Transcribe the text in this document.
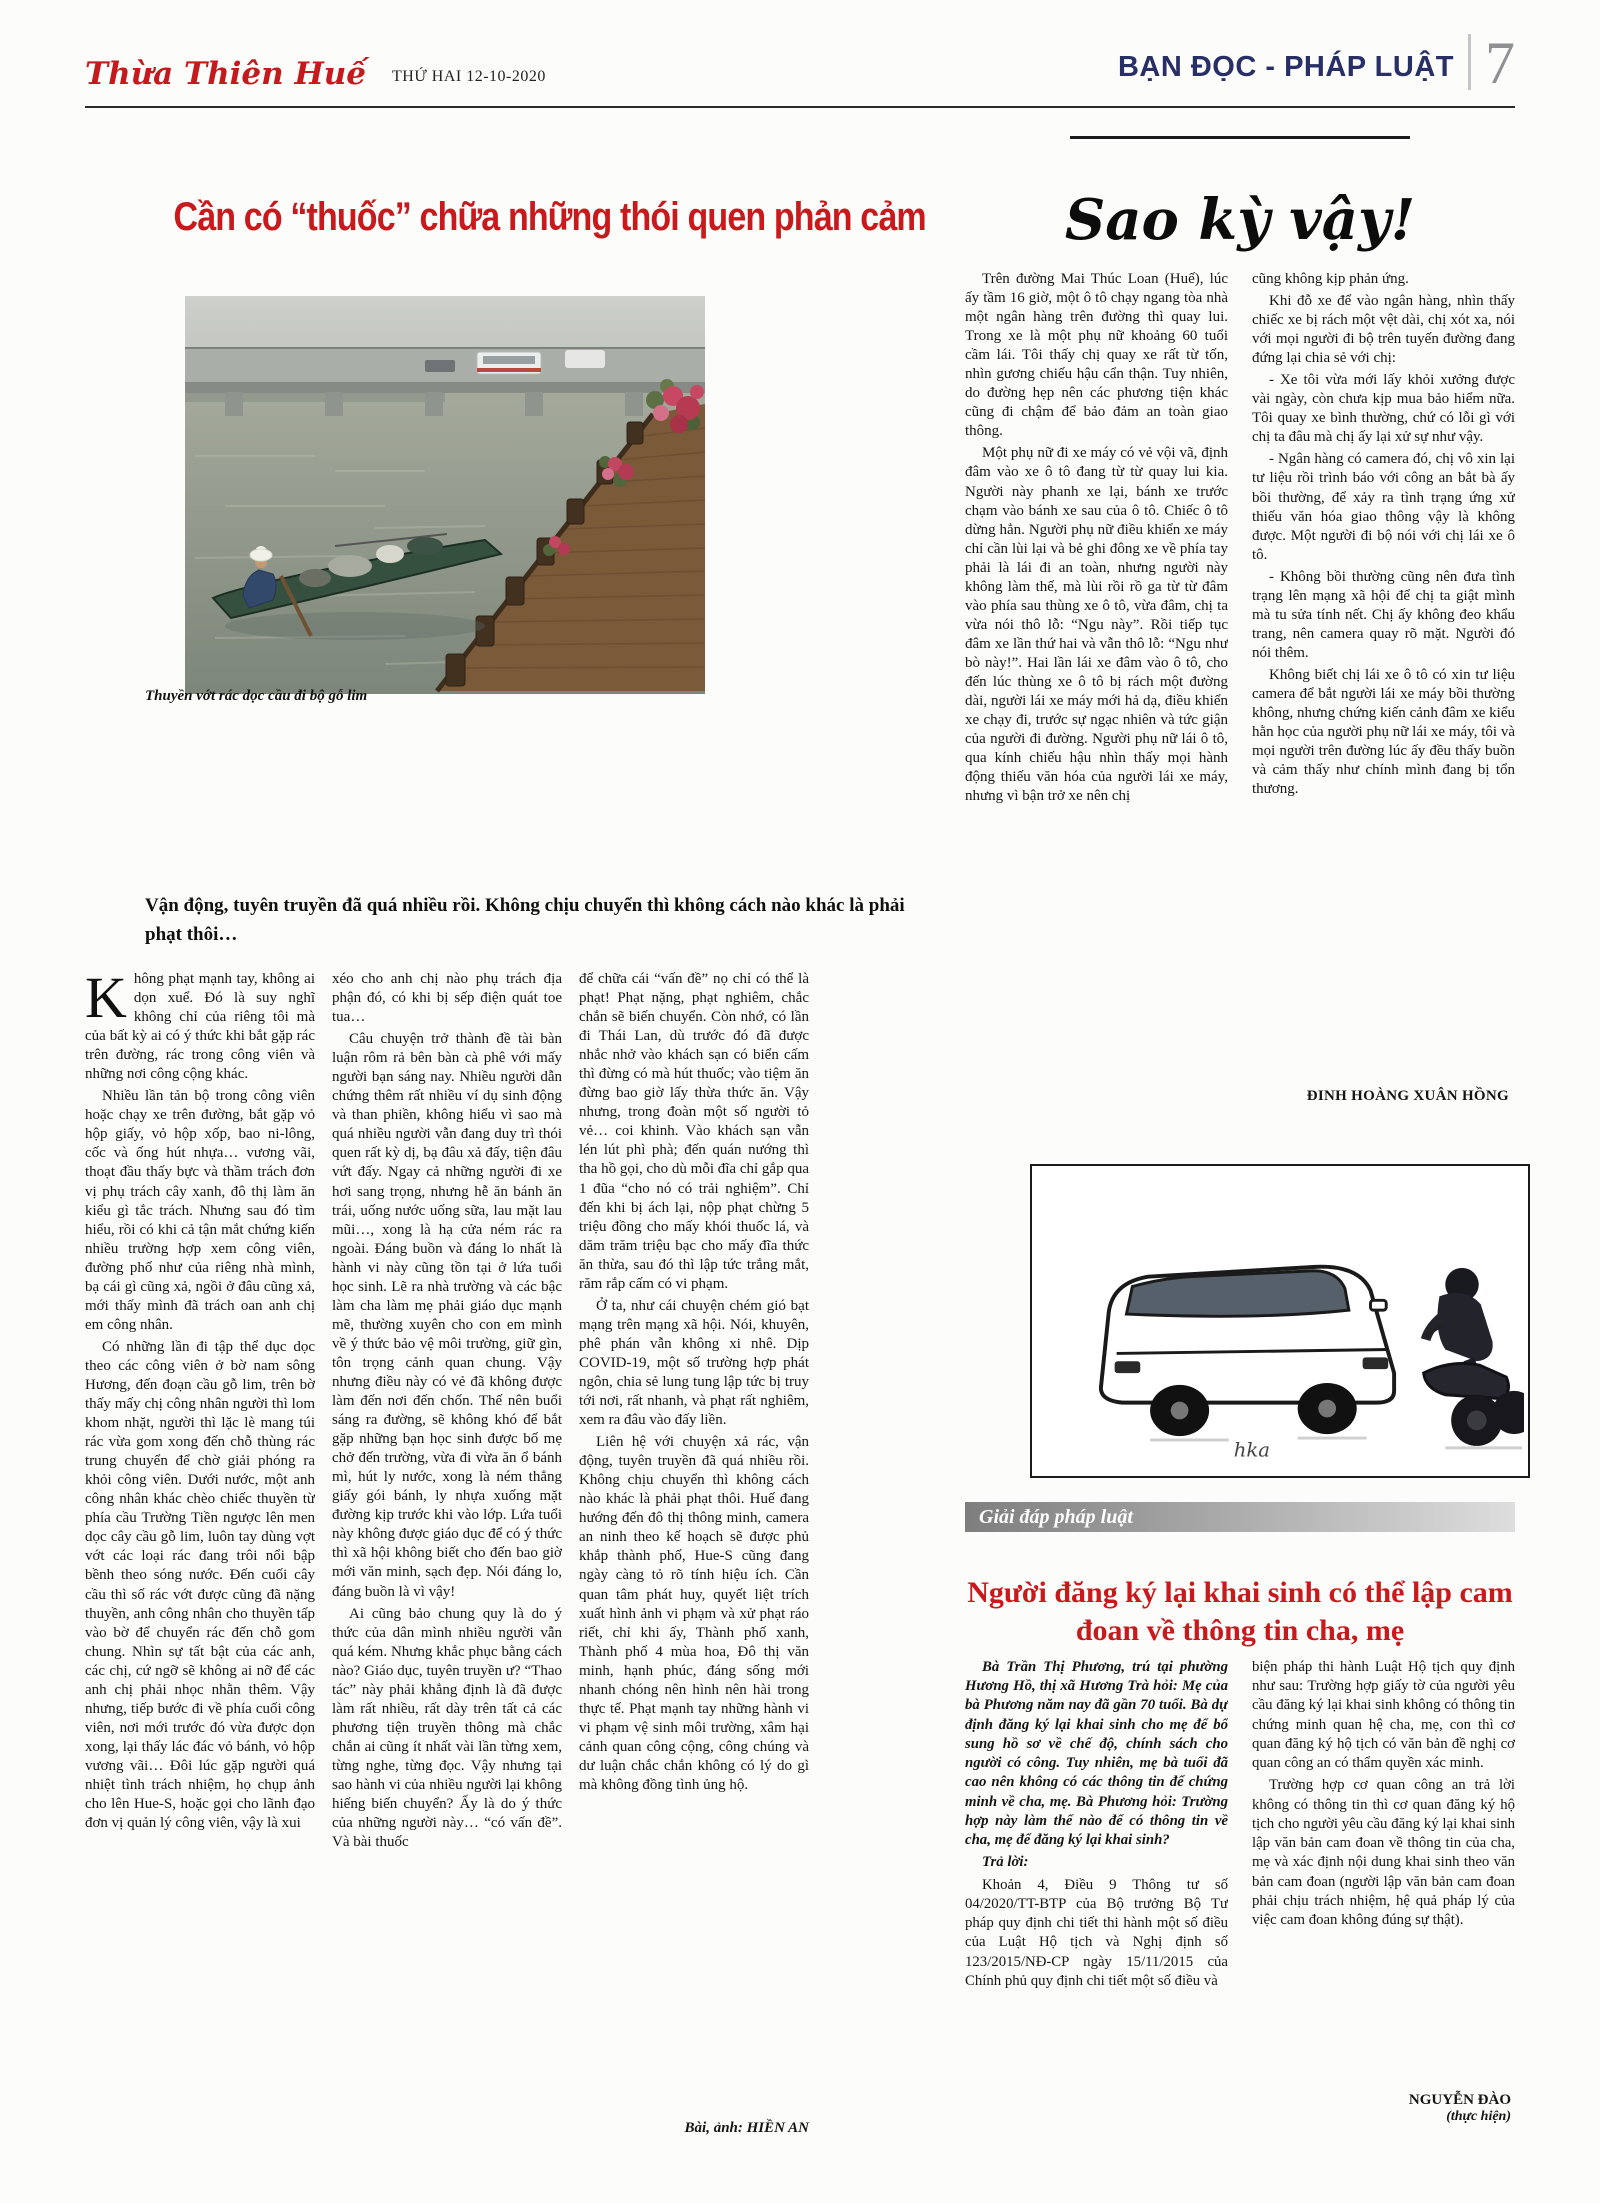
Thừa Thiên Huế THỨ HAI 12-10-2020	BẠN ĐỌC - PHÁP LUẬT 7
Cần có “thuốc” chữa những thói quen phản cảm
Thuyền vớt rác dọc cầu đi bộ gỗ lim

Vận động, tuyên truyền đã quá nhiều rồi. Không chịu chuyển thì không cách nào khác là phải phạt thôi…

Không phạt mạnh tay, không ai dọn xuể. Đó là suy nghĩ không chỉ của riêng tôi mà của bất kỳ ai có ý thức khi bắt gặp rác trên đường, rác trong công viên và những nơi công cộng khác.

Nhiều lần tản bộ trong công viên hoặc chạy xe trên đường, bắt gặp vỏ hộp giấy, vỏ hộp xốp, bao ni-lông, cốc và ống hút nhựa… vương vãi, thoạt đầu thấy bực và thầm trách đơn vị phụ trách cây xanh, đô thị làm ăn kiểu gì tắc trách. Nhưng sau đó tìm hiểu, rồi có khi cả tận mắt chứng kiến nhiều trường hợp xem công viên, đường phố như của riêng nhà mình, bạ cái gì cũng xả, ngồi ở đâu cũng xả, mới thấy mình đã trách oan anh chị em công nhân.

Có những lần đi tập thể dục dọc theo các công viên ở bờ nam sông Hương, đến đoạn cầu gỗ lim, trên bờ thấy mấy chị công nhân người thì lom khom nhặt, người thì lặc lè mang túi rác vừa gom xong đến chỗ thùng rác trung chuyển để chờ giải phóng ra khỏi công viên. Dưới nước, một anh công nhân khác chèo chiếc thuyền từ phía cầu Trường Tiền ngược lên men dọc cây cầu gỗ lim, luôn tay dùng vợt vớt các loại rác đang trôi nổi bập bềnh theo sóng nước. Đến cuối cây cầu thì số rác vớt được cũng đã nặng thuyền, anh công nhân cho thuyền tấp vào bờ để chuyển rác đến chỗ gom chung. Nhìn sự tất bật của các anh, các chị, cứ ngỡ sẽ không ai nỡ để các anh chị phải nhọc nhằn thêm. Vậy nhưng, tiếp bước đi về phía cuối công viên, nơi mới trước đó vừa được dọn xong, lại thấy lác đác vỏ bánh, vỏ hộp vương vãi… Đôi lúc gặp người quá nhiệt tình trách nhiệm, họ chụp ảnh cho lên Hue-S, hoặc gọi cho lãnh đạo đơn vị quản lý công viên, vậy là xui

xéo cho anh chị nào phụ trách địa phận đó, có khi bị sếp điện quát toe tua…

Câu chuyện trở thành đề tài bàn luận rôm rả bên bàn cà phê với mấy người bạn sáng nay. Nhiều người dẫn chứng thêm rất nhiều ví dụ sinh động và than phiền, không hiểu vì sao mà quá nhiều người vẫn đang duy trì thói quen rất kỳ dị, bạ đâu xả đấy, tiện đâu vứt đấy. Ngay cả những người đi xe hơi sang trọng, nhưng hễ ăn bánh ăn trái, uống nước uống sữa, lau mặt lau mũi…, xong là hạ cửa ném rác ra ngoài. Đáng buồn và đáng lo nhất là hành vi này cũng tồn tại ở lứa tuổi học sinh. Lẽ ra nhà trường và các bậc làm cha làm mẹ phải giáo dục mạnh mẽ, thường xuyên cho con em mình về ý thức bảo vệ môi trường, giữ gìn, tôn trọng cảnh quan chung. Vậy nhưng điều này có vẻ đã không được làm đến nơi đến chốn. Thế nên buổi sáng ra đường, sẽ không khó để bắt gặp những bạn học sinh được bố mẹ chở đến trường, vừa đi vừa ăn ổ bánh mì, hút ly nước, xong là ném thẳng giấy gói bánh, ly nhựa xuống mặt đường kịp trước khi vào lớp. Lứa tuổi này không được giáo dục để có ý thức thì xã hội không biết cho đến bao giờ mới văn minh, sạch đẹp. Nói đáng lo, đáng buồn là vì vậy!

Ai cũng bảo chung quy là do ý thức của dân mình nhiều người vẫn quá kém. Nhưng khắc phục bằng cách nào? Giáo dục, tuyên truyền ư? “Thao tác” này phải khẳng định là đã được làm rất nhiều, rất dày trên tất cả các phương tiện truyền thông mà chắc chắn ai cũng ít nhất vài lần từng xem, từng nghe, từng đọc. Vậy nhưng tại sao hành vi của nhiều người lại không hiếng biến chuyển? Ấy là do ý thức của những người này… “có vấn đề”. Và bài thuốc

để chữa cái “vấn đề” nọ chỉ có thể là phạt! Phạt nặng, phạt nghiêm, chắc chắn sẽ biến chuyển. Còn nhớ, có lần đi Thái Lan, dù trước đó đã được nhắc nhở vào khách sạn có biển cấm thì đừng có mà hút thuốc; vào tiệm ăn đừng bao giờ lấy thừa thức ăn. Vậy nhưng, trong đoàn một số người tỏ vẻ… coi khinh. Vào khách sạn vẫn lén lút phì phà; đến quán nướng thì tha hồ gọi, cho dù mỗi đĩa chỉ gắp qua 1 đũa “cho nó có trải nghiệm”. Chỉ đến khi bị ách lại, nộp phạt chừng 5 triệu đồng cho mấy khói thuốc lá, và dăm trăm triệu bạc cho mấy đĩa thức ăn thừa, sau đó thì lập tức trắng mắt, răm rắp cấm có vi phạm.

Ở ta, như cái chuyện chém gió bạt mạng trên mạng xã hội. Nói, khuyên, phê phán vẫn không xi nhê. Dịp COVID-19, một số trường hợp phát ngôn, chia sẻ lung tung lập tức bị truy tới nơi, rất nhanh, và phạt rất nghiêm, xem ra đâu vào đấy liền.

Liên hệ với chuyện xả rác, vận động, tuyên truyền đã quá nhiều rồi. Không chịu chuyển thì không cách nào khác là phải phạt thôi. Huế đang hướng đến đô thị thông minh, camera an ninh theo kế hoạch sẽ được phủ khắp thành phố, Hue-S cũng đang ngày càng tỏ rõ tính hiệu ích. Cần quan tâm phát huy, quyết liệt trích xuất hình ảnh vi phạm và xử phạt ráo riết, chỉ khi ấy, Thành phố xanh, Thành phố 4 mùa hoa, Đô thị văn minh, hạnh phúc, đáng sống mới nhanh chóng nên hình nên hài trong thực tế. Phạt mạnh tay những hành vi vi phạm vệ sinh môi trường, xâm hại cảnh quan công cộng, công chúng và dư luận chắc chắn không có lý do gì mà không đồng tình ủng hộ.

Bài, ảnh: HIỀN AN

Sao kỳ vậy!

Trên đường Mai Thúc Loan (Huế), lúc ấy tầm 16 giờ, một ô tô chạy ngang tòa nhà một ngân hàng trên đường thì quay lui. Trong xe là một phụ nữ khoảng 60 tuổi cầm lái. Tôi thấy chị quay xe rất từ tốn, nhìn gương chiếu hậu cẩn thận. Tuy nhiên, do đường hẹp nên các phương tiện khác cũng đi chậm để bảo đảm an toàn giao thông.

Một phụ nữ đi xe máy có vẻ vội vã, định đâm vào xe ô tô đang từ từ quay lui kia. Người này phanh xe lại, bánh xe trước chạm vào bánh xe sau của ô tô. Chiếc ô tô dừng hẳn. Người phụ nữ điều khiển xe máy chỉ cần lùi lại và bẻ ghi đông xe về phía tay phải là lái đi an toàn, nhưng người này không làm thế, mà lùi rồi rồ ga từ từ đâm vào phía sau thùng xe ô tô, vừa đâm, chị ta vừa nói thô lỗ: “Ngu này”. Rồi tiếp tục đâm xe lần thứ hai và vẫn thô lỗ: “Ngu như bò này!”. Hai lần lái xe đâm vào ô tô, cho đến lúc thùng xe ô tô bị rách một đường dài, người lái xe máy mới hả dạ, điều khiển xe chạy đi, trước sự ngạc nhiên và tức giận của người đi đường. Người phụ nữ lái ô tô, qua kính chiếu hậu nhìn thấy mọi hành động thiếu văn hóa của người lái xe máy, nhưng vì bận trở xe nên chị

cũng không kịp phản ứng.

Khi đỗ xe để vào ngân hàng, nhìn thấy chiếc xe bị rách một vệt dài, chị xót xa, nói với mọi người đi bộ trên tuyến đường đang đứng lại chia sẻ với chị:

- Xe tôi vừa mới lấy khỏi xưởng được vài ngày, còn chưa kịp mua bảo hiểm nữa. Tôi quay xe bình thường, chứ có lỗi gì với chị ta đâu mà chị ấy lại xử sự như vậy.

- Ngân hàng có camera đó, chị vô xin lại tư liệu rồi trình báo với công an bắt bà ấy bồi thường, để xảy ra tình trạng ứng xử thiếu văn hóa giao thông vậy là không được. Một người đi bộ nói với chị lái xe ô tô.

- Không bồi thường cũng nên đưa tình trạng lên mạng xã hội để chị ta giật mình mà tu sửa tính nết. Chị ấy không đeo khẩu trang, nên camera quay rõ mặt. Người đó nói thêm.

Không biết chị lái xe ô tô có xin tư liệu camera để bắt người lái xe máy bồi thường không, nhưng chứng kiến cảnh đâm xe kiểu hằn học của người phụ nữ lái xe máy, tôi và mọi người trên đường lúc ấy đều thấy buồn và cảm thấy như chính mình đang bị tổn thương.

ĐINH HOÀNG XUÂN HỒNG
hka
Giải đáp pháp luật
Người đăng ký lại khai sinh có thể lập cam đoan về thông tin cha, mẹ

Bà Trần Thị Phương, trú tại phường Hương Hồ, thị xã Hương Trà hỏi: Mẹ của bà Phương năm nay đã gần 70 tuổi. Bà dự định đăng ký lại khai sinh cho mẹ để bổ sung hồ sơ về chế độ, chính sách cho người có công. Tuy nhiên, mẹ bà tuổi đã cao nên không có các thông tin để chứng minh về cha, mẹ. Bà Phương hỏi: Trường hợp này làm thế nào để có thông tin về cha, mẹ để đăng ký lại khai sinh?

Trả lời:

Khoản 4, Điều 9 Thông tư số 04/2020/TT-BTP của Bộ trưởng Bộ Tư pháp quy định chi tiết thi hành một số điều của Luật Hộ tịch và Nghị định số 123/2015/NĐ-CP ngày 15/11/2015 của Chính phủ quy định chi tiết một số điều và

biện pháp thi hành Luật Hộ tịch quy định như sau: Trường hợp giấy tờ của người yêu cầu đăng ký lại khai sinh không có thông tin chứng minh quan hệ cha, mẹ, con thì cơ quan đăng ký hộ tịch có văn bản đề nghị cơ quan công an có thẩm quyền xác minh.

Trường hợp cơ quan công an trả lời không có thông tin thì cơ quan đăng ký hộ tịch cho người yêu cầu đăng ký lại khai sinh lập văn bản cam đoan về thông tin của cha, mẹ và xác định nội dung khai sinh theo văn bản cam đoan (người lập văn bản cam đoan phải chịu trách nhiệm, hệ quả pháp lý của việc cam đoan không đúng sự thật).

NGUYỄN ĐÀO
(thực hiện)
